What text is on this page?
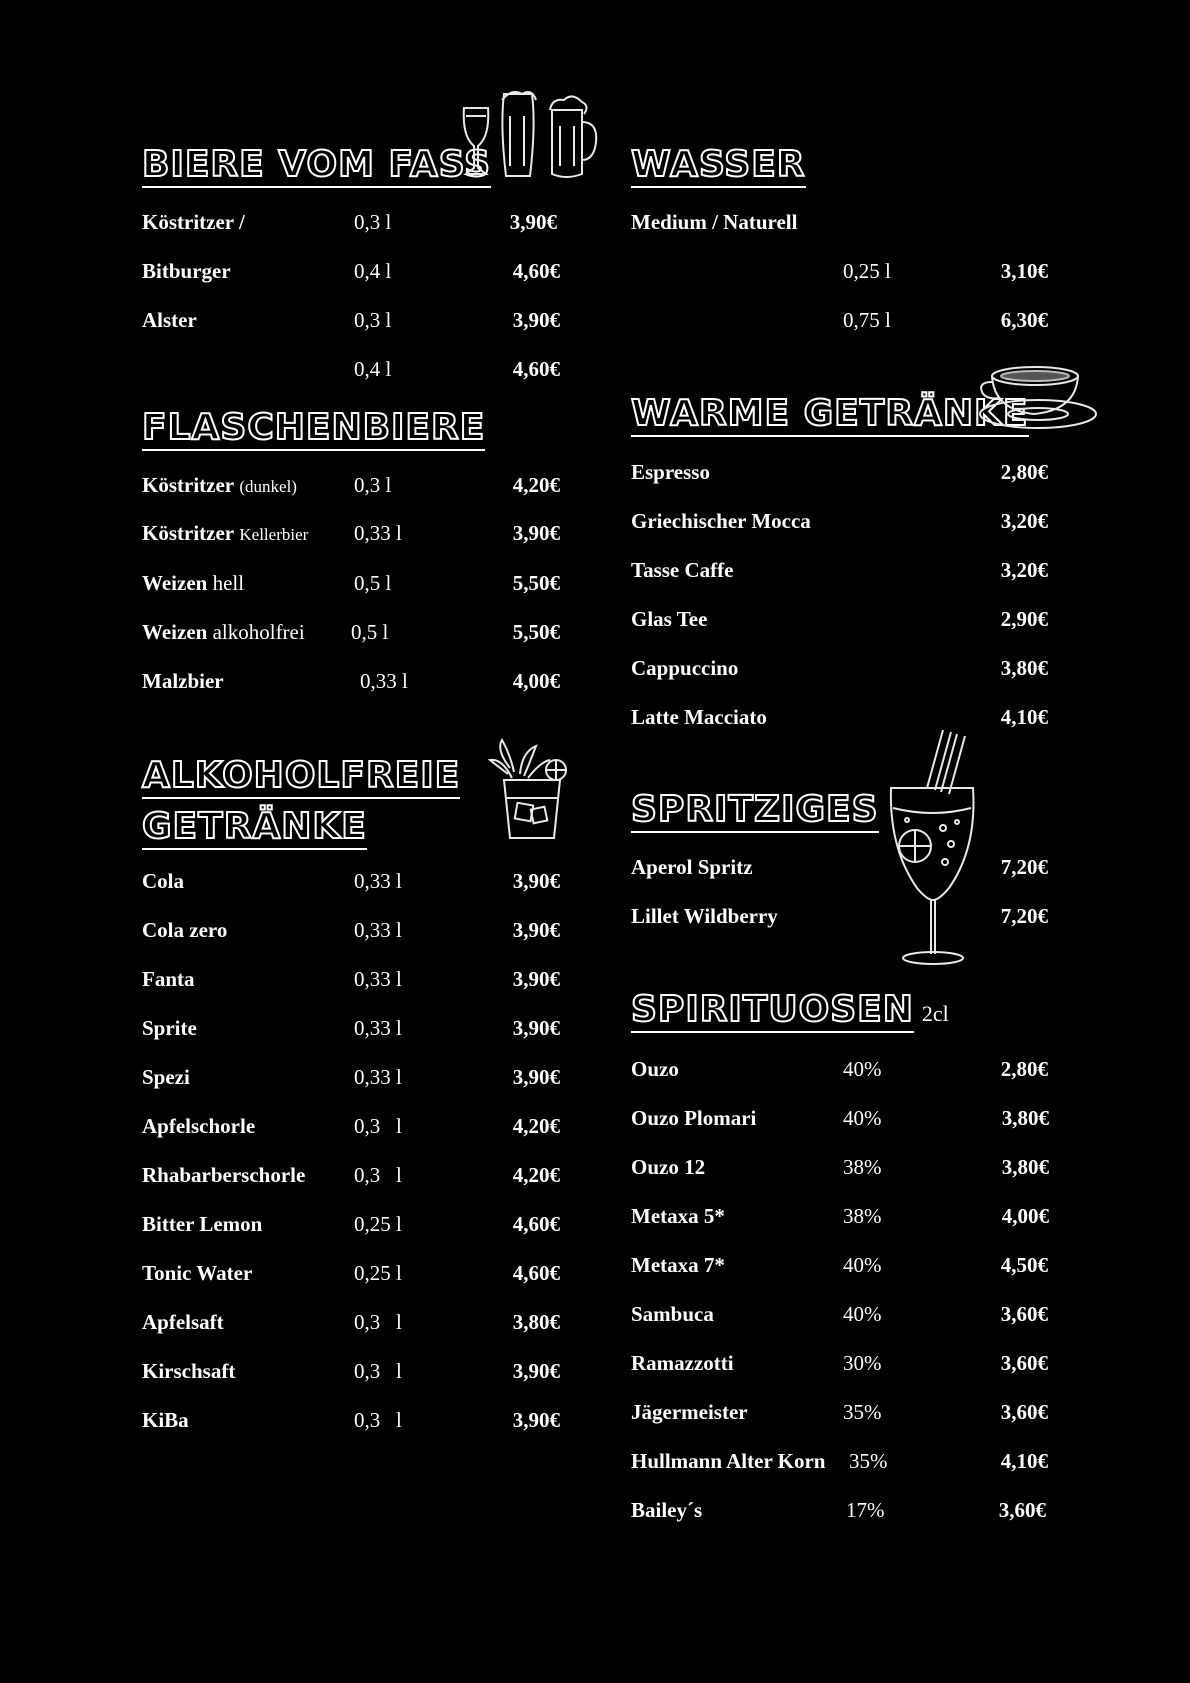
BIERE VOM FASS
Köstritzer /	0,3 l	3,90€
Bitburger	0,4 l	4,60€
Alster	0,3 l	3,90€
0,4 l	4,60€
FLASCHENBIERE
Köstritzer (dunkel)	0,3 l	4,20€
Köstritzer Kellerbier 0,33 l	3,90€
Weizen hell	0,5 l	5,50€
Weizen alkoholfrei 0,5 l	5,50€
Malzbier	0,33 l	4,00€
ALKOHOLFREIE
GETRÄNKE
Cola	0,33 l	3,90€
Cola zero	0,33 l	3,90€
Fanta	0,33 l	3,90€
Sprite	0,33 l	3,90€
Spezi	0,33 l	3,90€
Apfelschorle	0,3   l	4,20€
Rhabarberschorle 0,3   l	4,20€
Bitter Lemon	0,25 l	4,60€
Tonic Water	0,25 l	4,60€
Apfelsaft	0,3   l	3,80€
Kirschsaft	0,3   l	3,90€
KiBa	0,3   l	3,90€
WASSER
Medium / Naturell
0,25 l	3,10€
0,75 l	6,30€
WARME GETRÄNKE
Espresso	2,80€
Griechischer Mocca	3,20€
Tasse Caffe	3,20€
Glas Tee	2,90€
Cappuccino	3,80€
Latte Macciato	4,10€
SPRITZIGES
Aperol Spritz	7,20€
Lillet Wildberry	7,20€
SPIRITUOSEN 2cl
Ouzo	40%	2,80€
Ouzo Plomari	40%	3,80€
Ouzo 12	38%	3,80€
Metaxa 5*	38%	4,00€
Metaxa 7*	40%	4,50€
Sambuca	40%	3,60€
Ramazzotti	30%	3,60€
Jägermeister	35%	3,60€
Hullmann Alter Korn 35%	4,10€
Bailey´s	17%	3,60€
